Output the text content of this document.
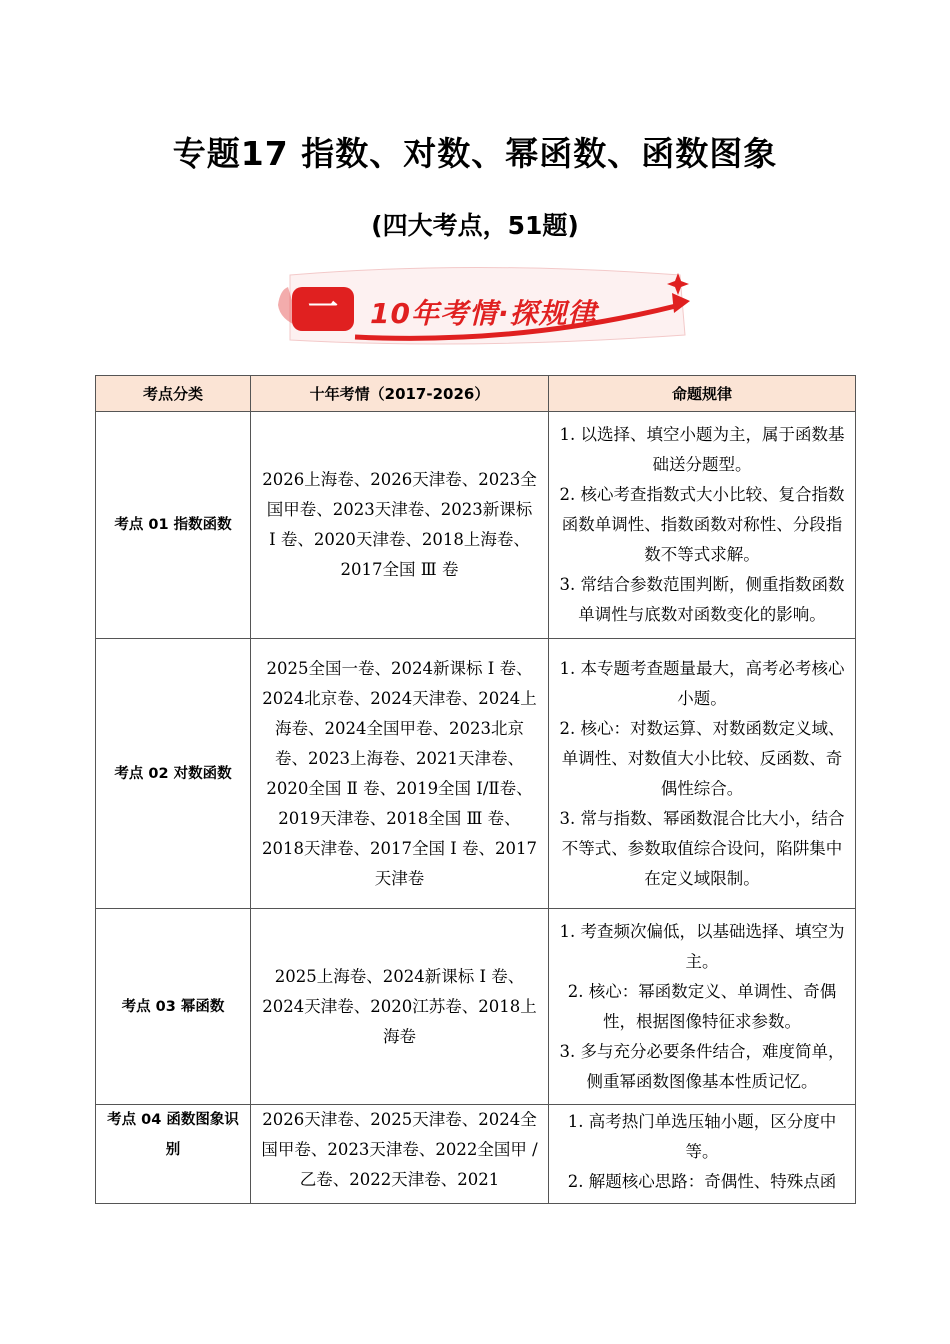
专题17 指数、对数、幂函数、函数图象
(四大考点，51题)
一	10年考情·探规律
考点分类	十年考情（2017-2026）	命题规律
考点 01 指数函数	2026上海卷、2026天津卷、2023全国甲卷、2023天津卷、2023新课标 Ⅰ 卷、2020天津卷、2018上海卷、2017全国 Ⅲ 卷	1. 以选择、填空小题为主，属于函数基础送分题型。

2. 核心考查指数式大小比较、复合指数函数单调性、指数函数对称性、分段指数不等式求解。

3. 常结合参数范围判断，侧重指数函数单调性与底数对函数变化的影响。

考点 02 对数函数	2025全国一卷、2024新课标 Ⅰ 卷、2024北京卷、2024天津卷、2024上海卷、2024全国甲卷、2023北京卷、2023上海卷、2021天津卷、2020全国 Ⅱ 卷、2019全国 Ⅰ/Ⅱ卷、2019天津卷、2018全国 Ⅲ 卷、2018天津卷、2017全国 Ⅰ 卷、2017天津卷	1. 本专题考查题量最大，高考必考核心小题。

2. 核心：对数运算、对数函数定义域、单调性、对数值大小比较、反函数、奇偶性综合。

3. 常与指数、幂函数混合比大小，结合不等式、参数取值综合设问，陷阱集中在定义域限制。

考点 03 幂函数	2025上海卷、2024新课标 Ⅰ 卷、2024天津卷、2020江苏卷、2018上海卷	1. 考查频次偏低，以基础选择、填空为主。

2. 核心：幂函数定义、单调性、奇偶性，根据图像特征求参数。

3. 多与充分必要条件结合，难度简单，侧重幂函数图像基本性质记忆。

考点 04 函数图象识别	2026天津卷、2025天津卷、2024全国甲卷、2023天津卷、2022全国甲 / 乙卷、2022天津卷、2021	1. 高考热门单选压轴小题，区分度中等。

2. 解题核心思路：奇偶性、特殊点函
